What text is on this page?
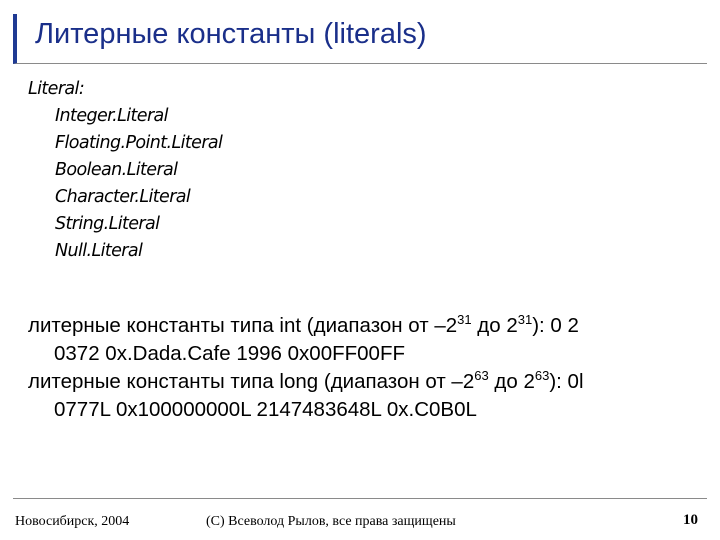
Литерные константы (literals)
Literal:
Integer.Literal
Floating.Point.Literal
Boolean.Literal
Character.Literal
String.Literal
Null.Literal
литерные константы типа int (диапазон от $-2^{31}$ до $2^{31}$): 0 2
0372 0x.Dada.Cafe 1996 0x00FF00FF
литерные константы типа long (диапазон от $-2^{63}$ до $2^{63}$): 0l
0777L 0x100000000L 2147483648L 0x.C0B0L
Новосибирск, 2004	(C) Всеволод Рылов, все права защищены	10
